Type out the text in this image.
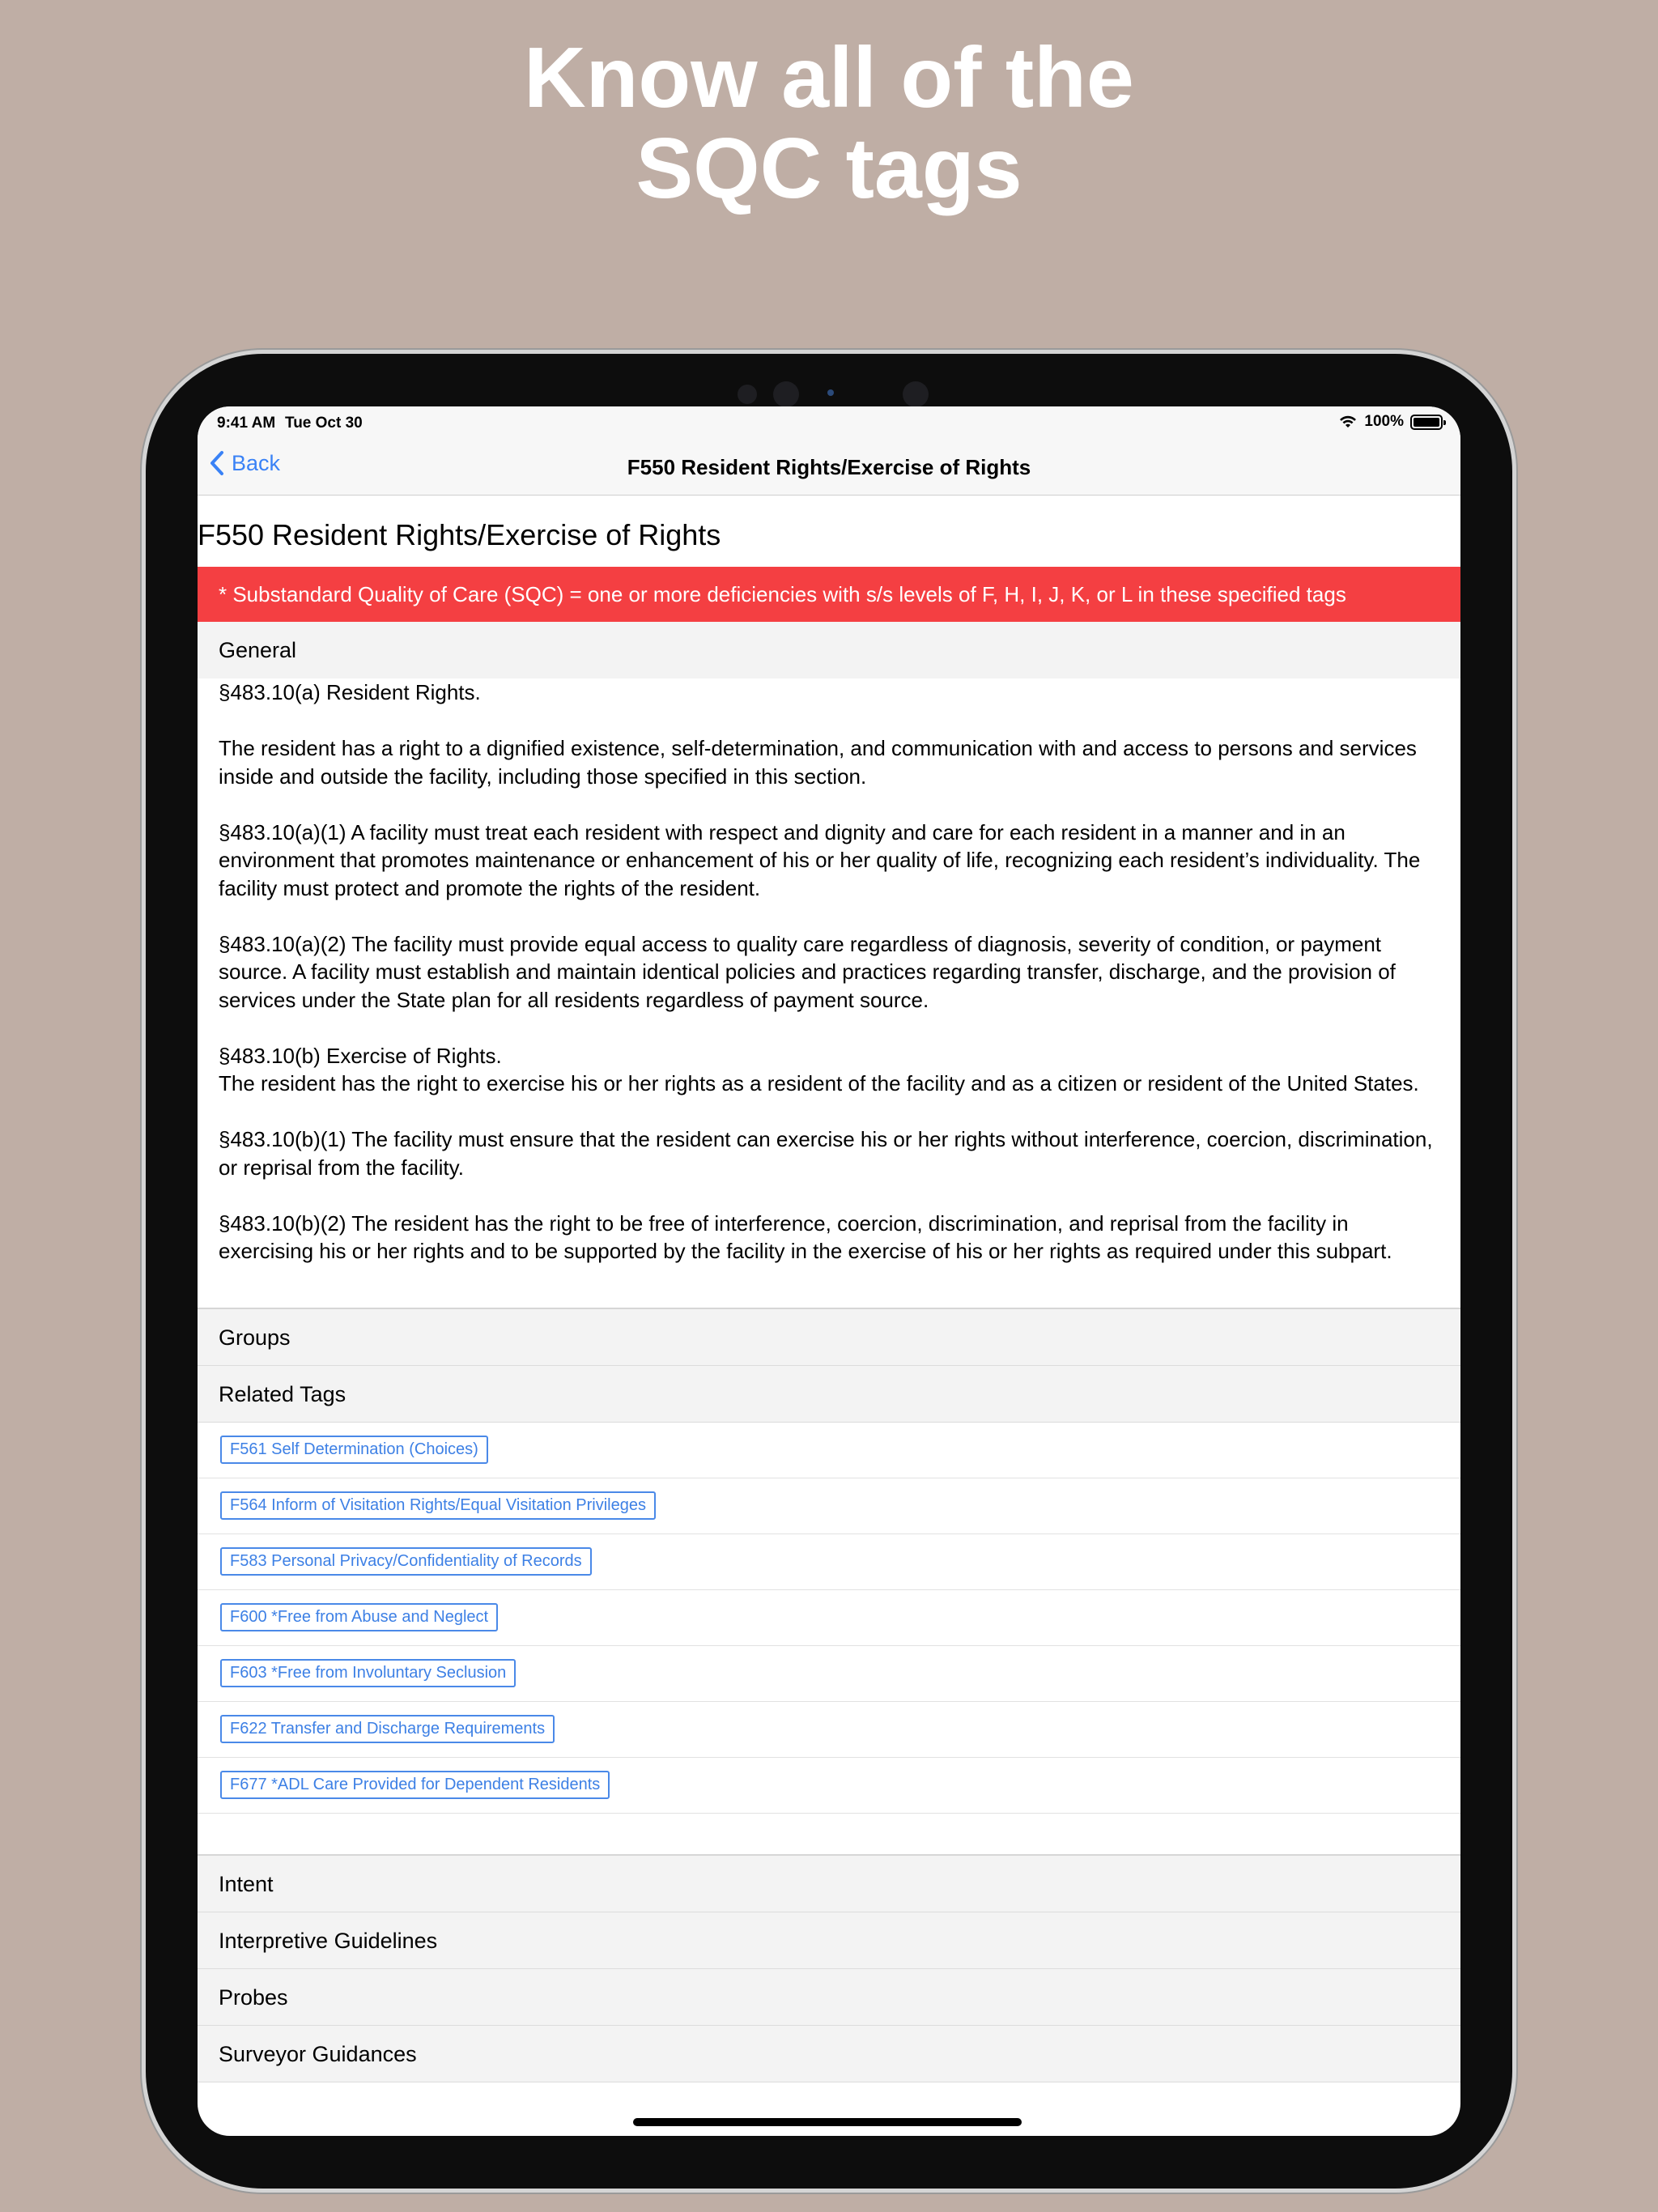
Know all of the
SQC tags
9:41 AM Tue Oct 30	100%
Back	F550 Resident Rights/Exercise of Rights
F550 Resident Rights/Exercise of Rights
* Substandard Quality of Care (SQC) = one or more deficiencies with s/s levels of F, H, I, J, K, or L in these specified tags
General
§483.10(a) Resident Rights.

The resident has a right to a dignified existence, self-determination, and communication with and access to persons and services inside and outside the facility, including those specified in this section.

§483.10(a)(1) A facility must treat each resident with respect and dignity and care for each resident in a manner and in an environment that promotes maintenance or enhancement of his or her quality of life, recognizing each resident’s individuality. The facility must protect and promote the rights of the resident.

§483.10(a)(2) The facility must provide equal access to quality care regardless of diagnosis, severity of condition, or payment source. A facility must establish and maintain identical policies and practices regarding transfer, discharge, and the provision of services under the State plan for all residents regardless of payment source.

§483.10(b) Exercise of Rights.
The resident has the right to exercise his or her rights as a resident of the facility and as a citizen or resident of the United States.

§483.10(b)(1) The facility must ensure that the resident can exercise his or her rights without interference, coercion, discrimination, or reprisal from the facility.

§483.10(b)(2) The resident has the right to be free of interference, coercion, discrimination, and reprisal from the facility in exercising his or her rights and to be supported by the facility in the exercise of his or her rights as required under this subpart.
Groups
Related Tags
F561 Self Determination (Choices)
F564 Inform of Visitation Rights/Equal Visitation Privileges
F583 Personal Privacy/Confidentiality of Records
F600 *Free from Abuse and Neglect
F603 *Free from Involuntary Seclusion
F622 Transfer and Discharge Requirements
F677 *ADL Care Provided for Dependent Residents
Intent
Interpretive Guidelines
Probes
Surveyor Guidances
